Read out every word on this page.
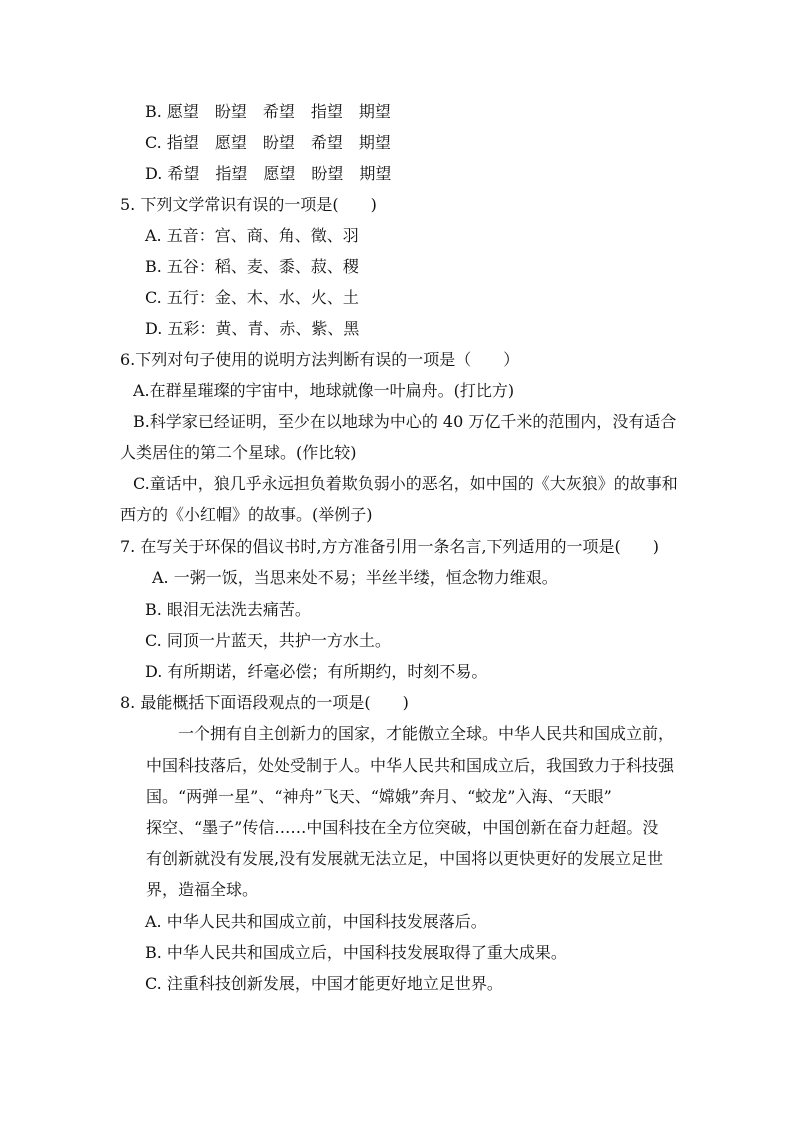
B. 愿望　盼望　希望　指望　期望
C. 指望　愿望　盼望　希望　期望
D. 希望　指望　愿望　盼望　期望
5. 下列文学常识有误的一项是(　　)
A. 五音：宫、商、角、徵、羽
B. 五谷：稻、麦、黍、菽、稷
C. 五行：金、木、水、火、土
D. 五彩：黄、青、赤、紫、黑
6.下列对句子使用的说明方法判断有误的一项是（　　）
A.在群星璀璨的宇宙中，地球就像一叶扁舟。(打比方)
B.科学家已经证明，至少在以地球为中心的 40 万亿千米的范围内，没有适合
人类居住的第二个星球。(作比较)
C.童话中，狼几乎永远担负着欺负弱小的恶名，如中国的《大灰狼》的故事和
西方的《小红帽》的故事。(举例子)
7. 在写关于环保的倡议书时,方方准备引用一条名言,下列适用的一项是(　　)
A. 一粥一饭，当思来处不易；半丝半缕，恒念物力维艰。
B. 眼泪无法洗去痛苦。
C. 同顶一片蓝天，共护一方水土。
D. 有所期诺，纤毫必偿；有所期约，时刻不易。
8. 最能概括下面语段观点的一项是(　　)
　　一个拥有自主创新力的国家，才能傲立全球。中华人民共和国成立前，
中国科技落后，处处受制于人。中华人民共和国成立后，我国致力于科技强
国。“两弹一星”、“神舟”飞天、“嫦娥”奔月、“蛟龙”入海、“天眼”
探空、“墨子”传信……中国科技在全方位突破，中国创新在奋力赶超。没
有创新就没有发展,没有发展就无法立足，中国将以更快更好的发展立足世
界，造福全球。
A. 中华人民共和国成立前，中国科技发展落后。
B. 中华人民共和国成立后，中国科技发展取得了重大成果。
C. 注重科技创新发展，中国才能更好地立足世界。
